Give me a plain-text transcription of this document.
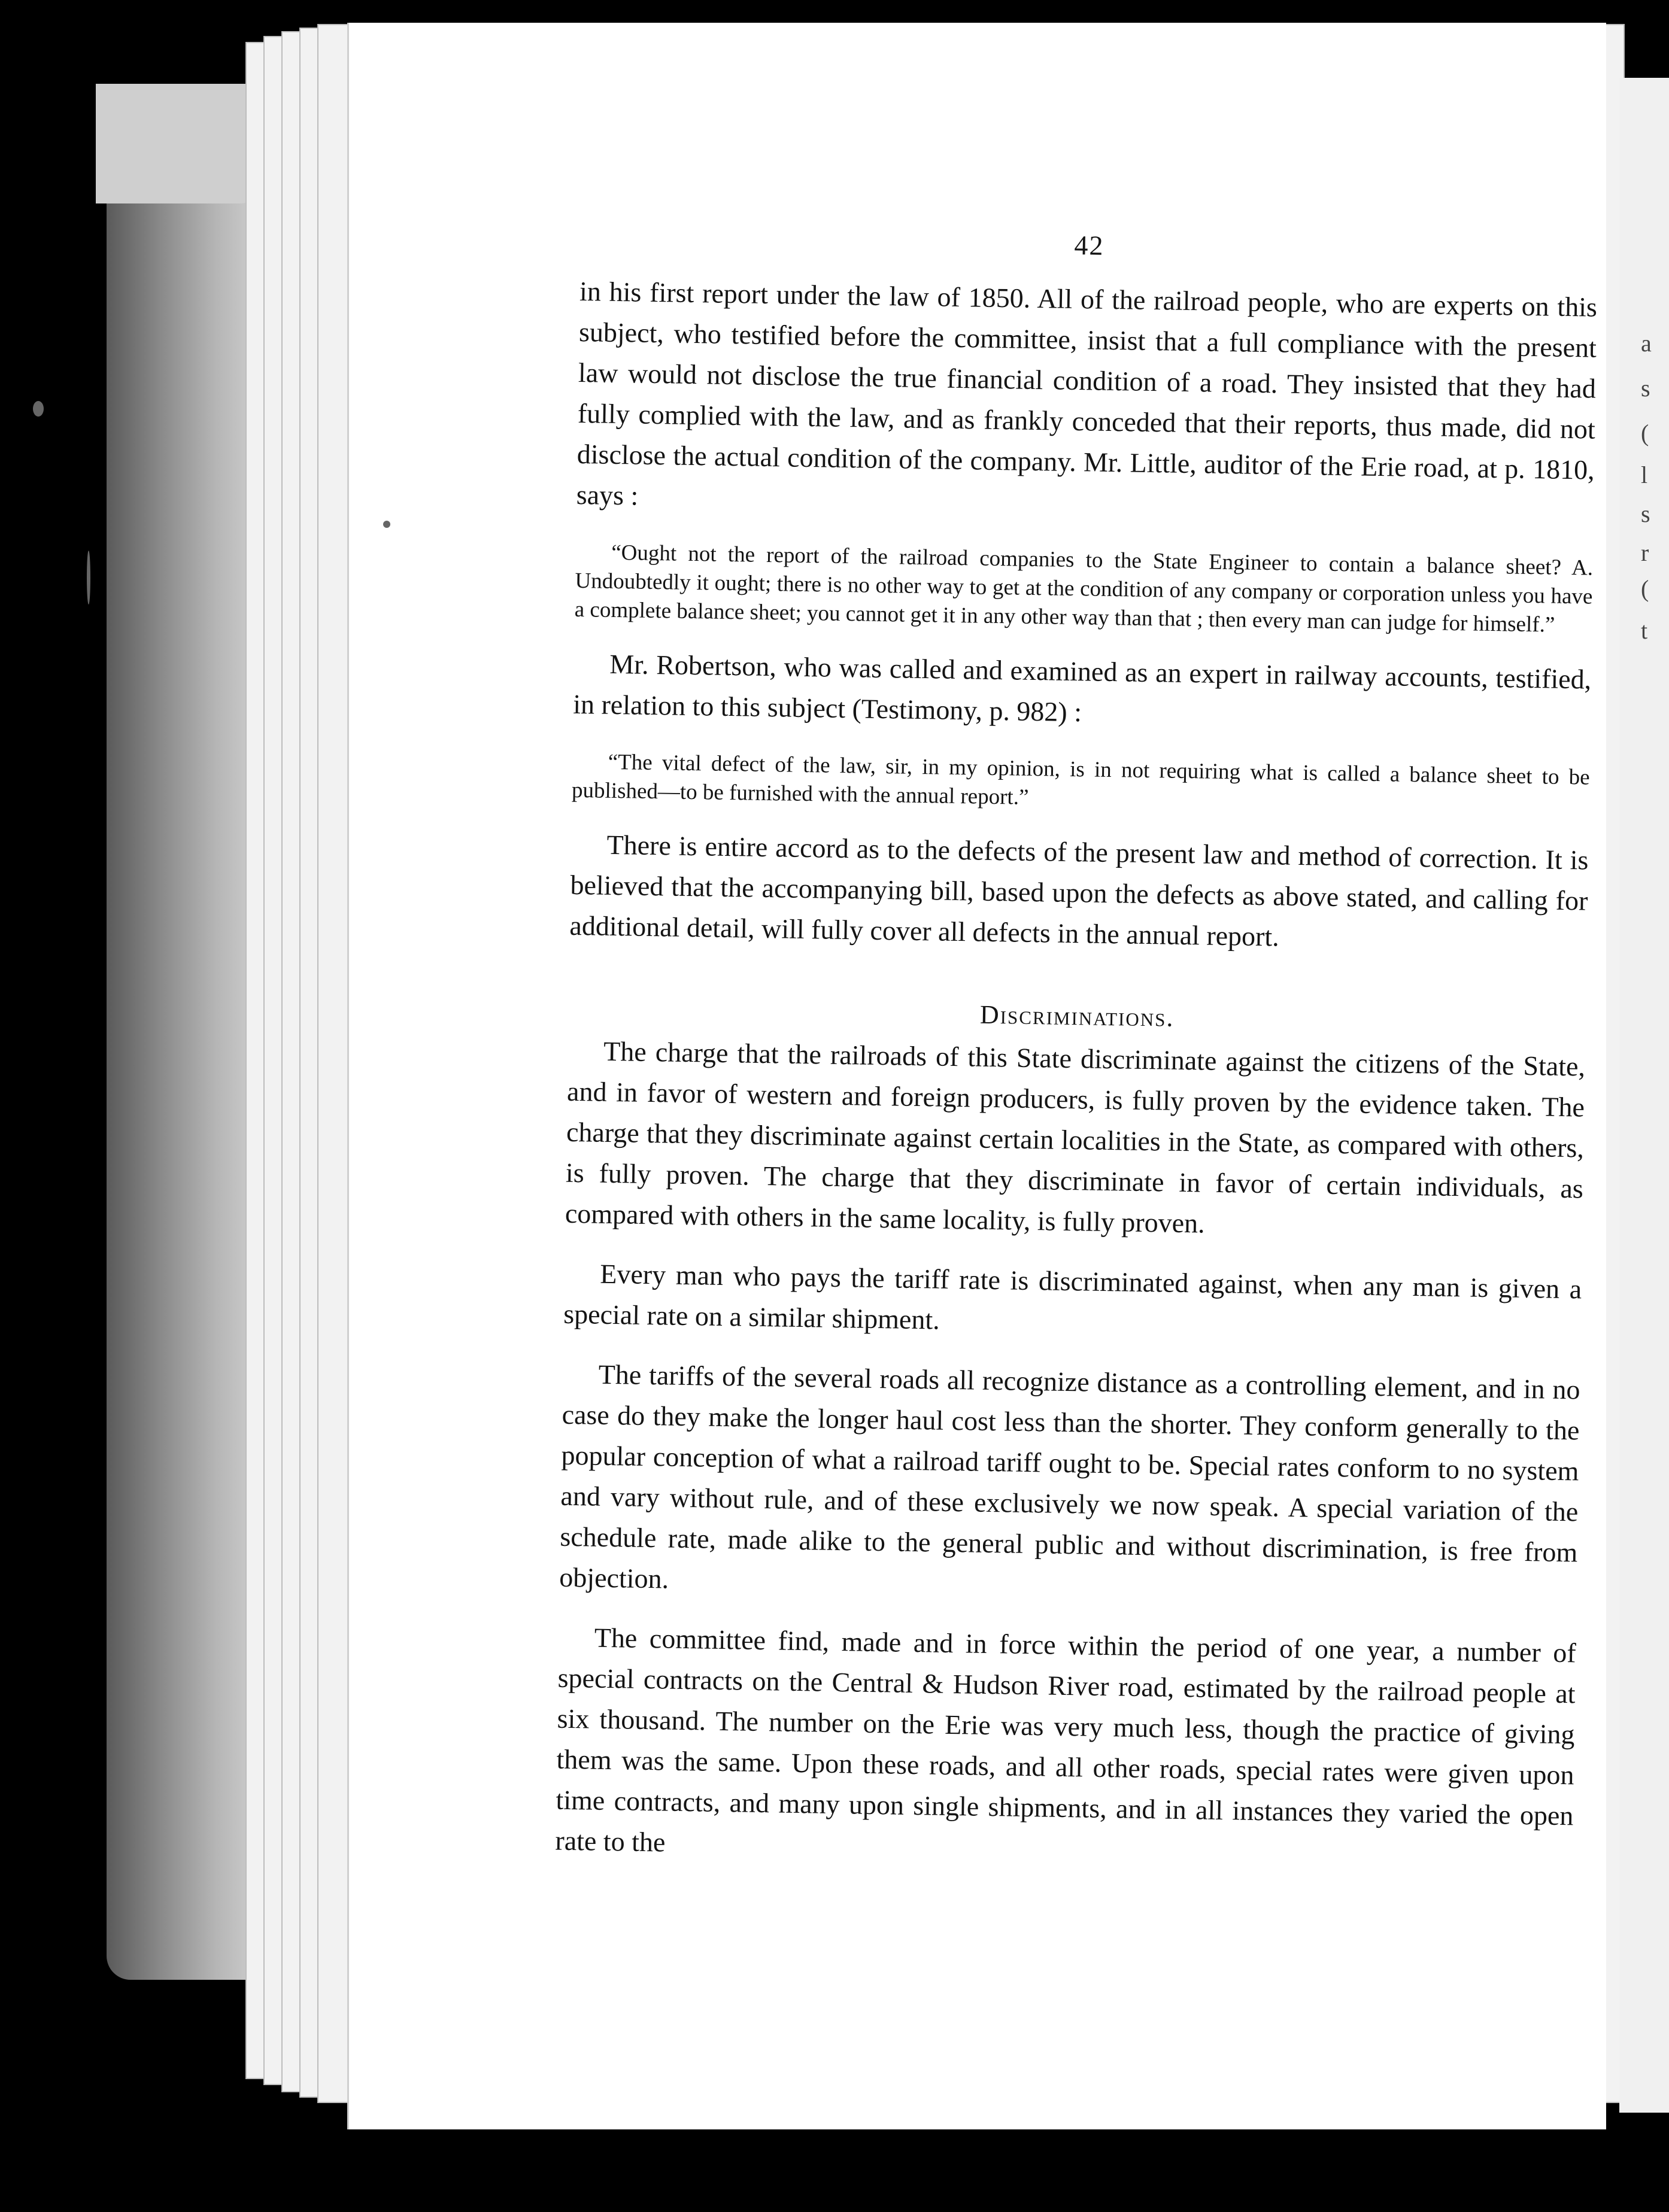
a
s
(
l
s
r
(
t
42

in his first report under the law of 1850. All of the railroad people, who are experts on this subject, who testified before the committee, insist that a full compliance with the present law would not disclose the true financial condition of a road. They insisted that they had fully complied with the law, and as frankly conceded that their reports, thus made, did not disclose the actual condition of the company. Mr. Little, auditor of the Erie road, at p. 1810, says :

“Ought not the report of the railroad companies to the State Engineer to contain a balance sheet? A. Undoubtedly it ought; there is no other way to get at the condition of any company or corporation unless you have a complete balance sheet; you cannot get it in any other way than that ; then every man can judge for himself.”

Mr. Robertson, who was called and examined as an expert in railway accounts, testified, in relation to this subject (Testimony, p. 982) :

“The vital defect of the law, sir, in my opinion, is in not requiring what is called a balance sheet to be published—to be furnished with the annual report.”

There is entire accord as to the defects of the present law and method of correction. It is believed that the accompanying bill, based upon the defects as above stated, and calling for additional detail, will fully cover all defects in the annual report.

Discriminations.

The charge that the railroads of this State discriminate against the citizens of the State, and in favor of western and foreign producers, is fully proven by the evidence taken. The charge that they discriminate against certain localities in the State, as compared with others, is fully proven. The charge that they discriminate in favor of certain individuals, as compared with others in the same locality, is fully proven.

Every man who pays the tariff rate is discriminated against, when any man is given a special rate on a similar shipment.

The tariffs of the several roads all recognize distance as a controlling element, and in no case do they make the longer haul cost less than the shorter. They conform generally to the popular conception of what a railroad tariff ought to be. Special rates conform to no system and vary without rule, and of these exclusively we now speak. A special variation of the schedule rate, made alike to the general public and without discrimination, is free from objection.

The committee find, made and in force within the period of one year, a number of special contracts on the Central & Hudson River road, estimated by the railroad people at six thousand. The number on the Erie was very much less, though the practice of giving them was the same. Upon these roads, and all other roads, special rates were given upon time contracts, and many upon single shipments, and in all instances they varied the open rate to the
